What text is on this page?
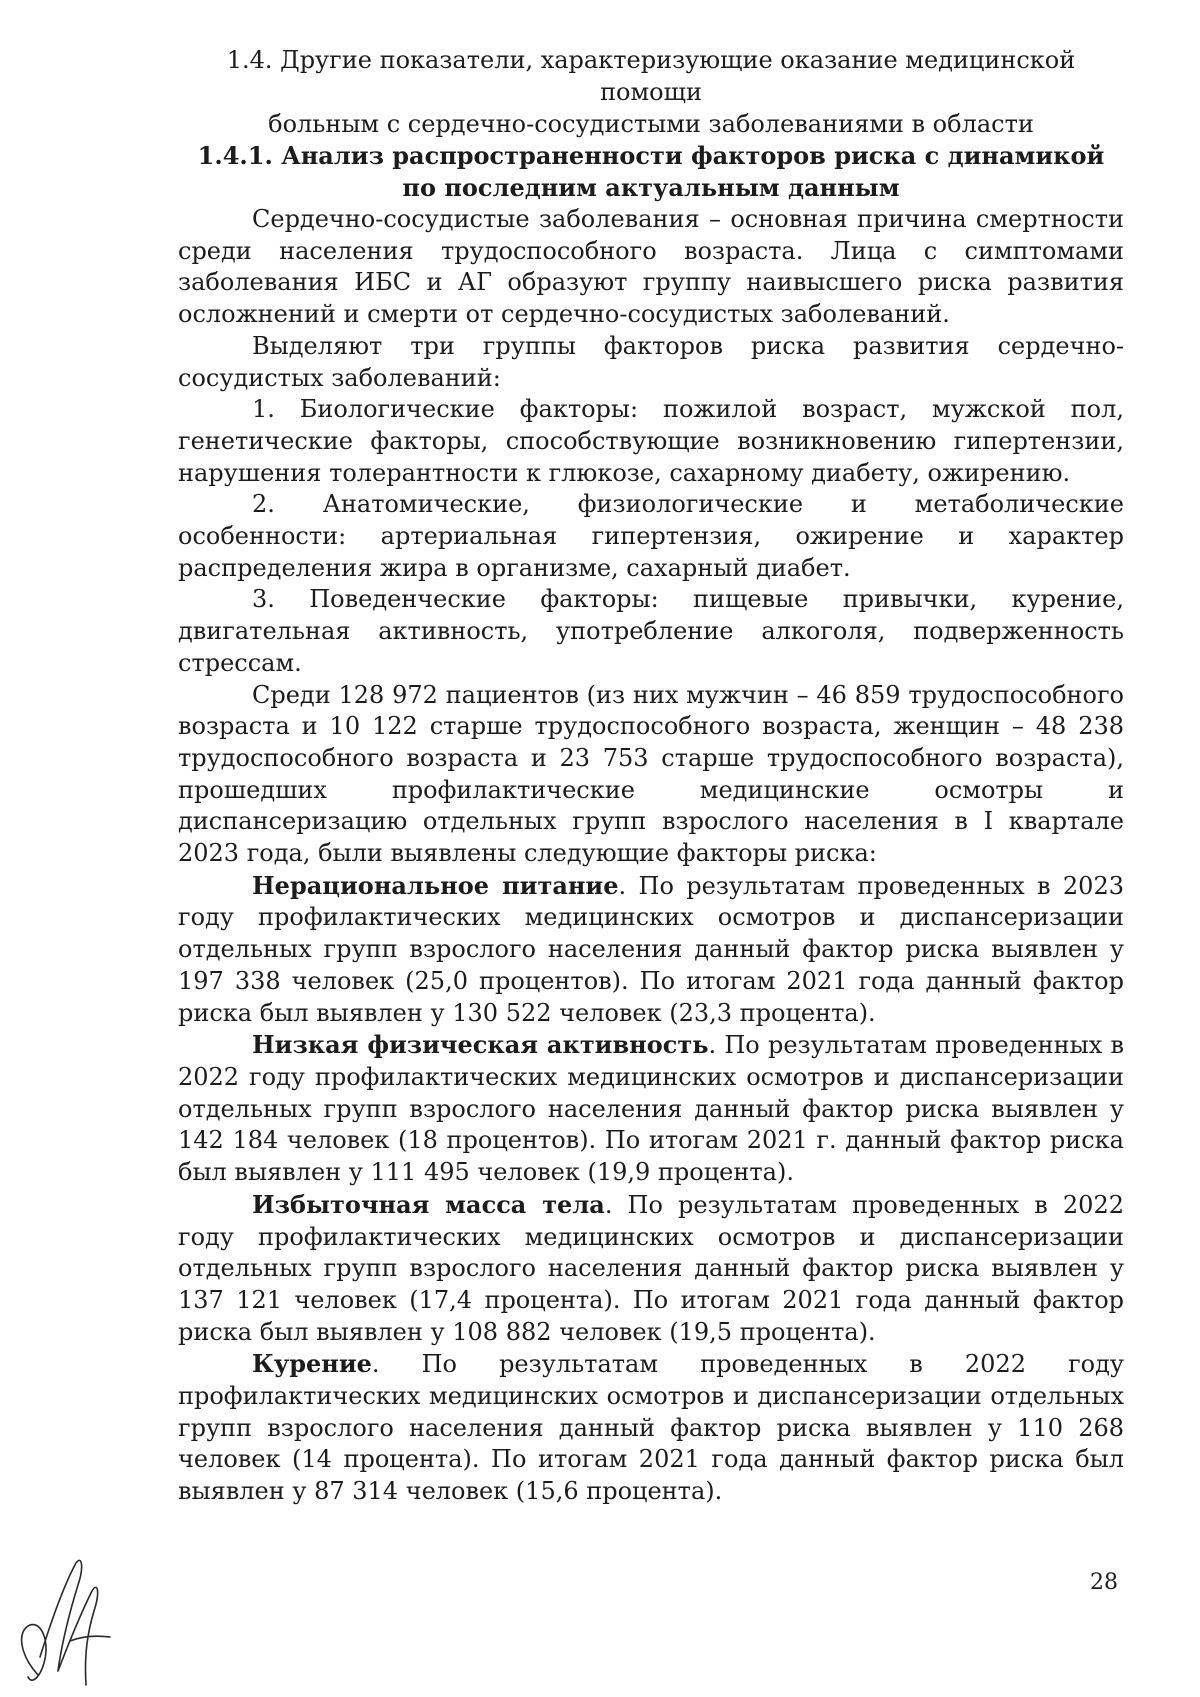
1.4. Другие показатели, характеризующие оказание медицинской помощи

больным с сердечно-сосудистыми заболеваниями в области

1.4.1. Анализ распространенности факторов риска с динамикой

по последним актуальным данным

Сердечно-сосудистые заболевания – основная причина смертности среди населения трудоспособного возраста. Лица с симптомами заболевания ИБС и АГ образуют группу наивысшего риска развития осложнений и смерти от сердечно-сосудистых заболеваний.

Выделяют три группы факторов риска развития сердечно-сосудистых заболеваний:

1. Биологические факторы: пожилой возраст, мужской пол, генетические факторы, способствующие возникновению гипертензии, нарушения толерантности к глюкозе, сахарному диабету, ожирению.

2. Анатомические, физиологические и метаболические особенности: артериальная гипертензия, ожирение и характер распределения жира в организме, сахарный диабет.

3. Поведенческие факторы: пищевые привычки, курение, двигательная активность, употребление алкоголя, подверженность стрессам.

Среди 128 972 пациентов (из них мужчин – 46 859 трудоспособного возраста и 10 122 старше трудоспособного возраста, женщин – 48 238 трудоспособного возраста и 23 753 старше трудоспособного возраста), прошедших профилактические медицинские осмотры и диспансеризацию отдельных групп взрослого населения в I квартале 2023 года, были выявлены следующие факторы риска:

Нерациональное питание. По результатам проведенных в 2023 году профилактических медицинских осмотров и диспансеризации отдельных групп взрослого населения данный фактор риска выявлен у 197 338 человек (25,0 процентов). По итогам 2021 года данный фактор риска был выявлен у 130 522 человек (23,3 процента).

Низкая физическая активность. По результатам проведенных в 2022 году профилактических медицинских осмотров и диспансеризации отдельных групп взрослого населения данный фактор риска выявлен у 142 184 человек (18 процентов). По итогам 2021 г. данный фактор риска был выявлен у 111 495 человек (19,9 процента).

Избыточная масса тела. По результатам проведенных в 2022 году профилактических медицинских осмотров и диспансеризации отдельных групп взрослого населения данный фактор риска выявлен у 137 121 человек (17,4 процента). По итогам 2021 года данный фактор риска был выявлен у 108 882 человек (19,5 процента).

Курение. По результатам проведенных в 2022 году профилактических медицинских осмотров и диспансеризации отдельных групп взрослого населения данный фактор риска выявлен у 110 268 человек (14 процента). По итогам 2021 года данный фактор риска был выявлен у 87 314 человек (15,6 процента).

28
